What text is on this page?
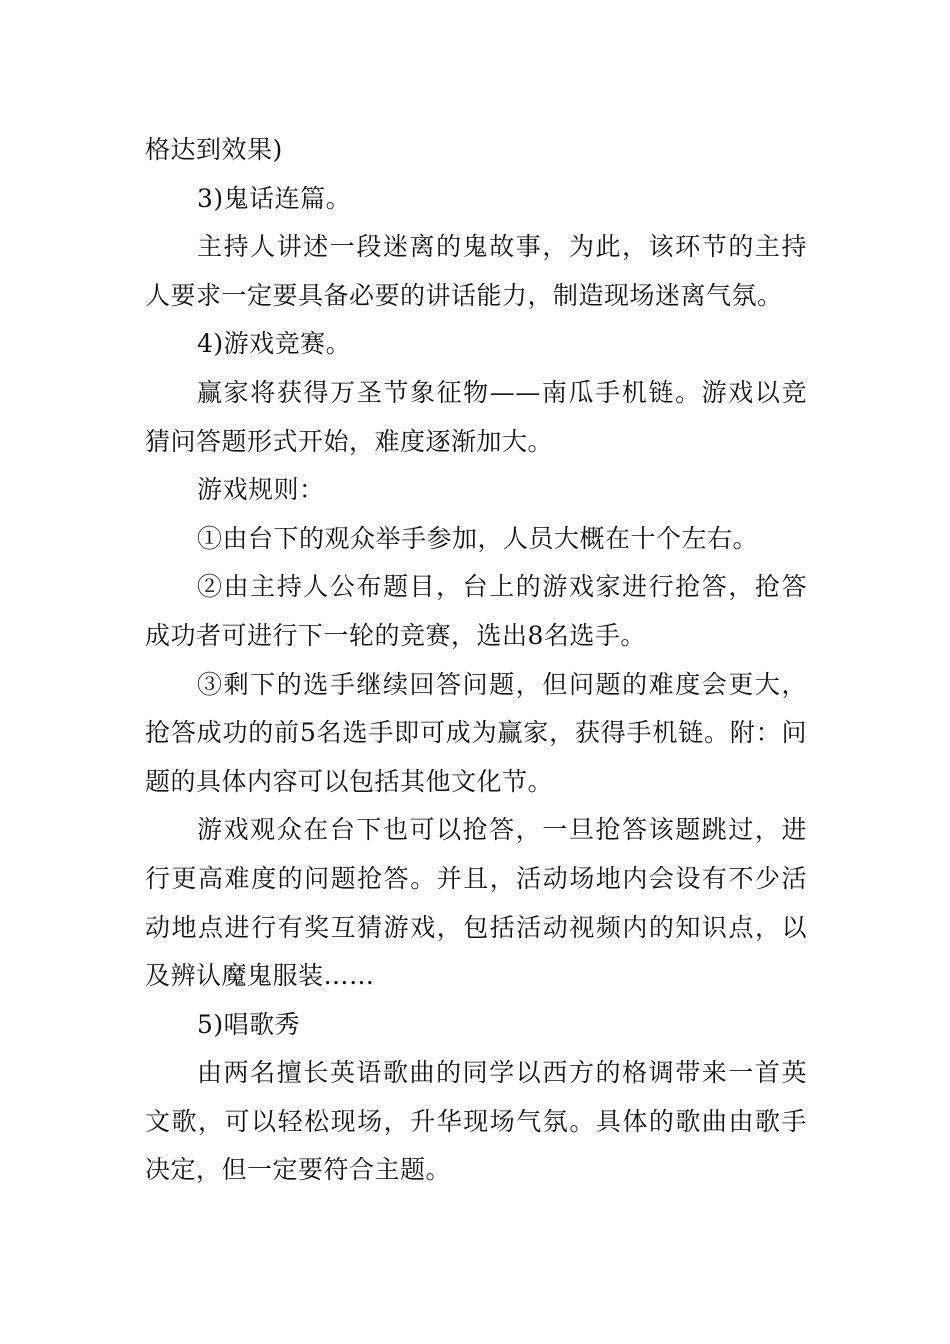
格达到效果)

3)鬼话连篇。

主持人讲述一段迷离的鬼故事，为此，该环节的主持人要求一定要具备必要的讲话能力，制造现场迷离气氛。

4)游戏竞赛。

赢家将获得万圣节象征物——南瓜手机链。游戏以竞猜问答题形式开始，难度逐渐加大。

游戏规则：

①由台下的观众举手参加，人员大概在十个左右。

②由主持人公布题目，台上的游戏家进行抢答，抢答成功者可进行下一轮的竞赛，选出8名选手。

③剩下的选手继续回答问题，但问题的难度会更大，抢答成功的前5名选手即可成为赢家，获得手机链。附：问题的具体内容可以包括其他文化节。

游戏观众在台下也可以抢答，一旦抢答该题跳过，进行更高难度的问题抢答。并且，活动场地内会设有不少活动地点进行有奖互猜游戏，包括活动视频内的知识点，以及辨认魔鬼服装……

5)唱歌秀

由两名擅长英语歌曲的同学以西方的格调带来一首英文歌，可以轻松现场，升华现场气氛。具体的歌曲由歌手决定，但一定要符合主题。
